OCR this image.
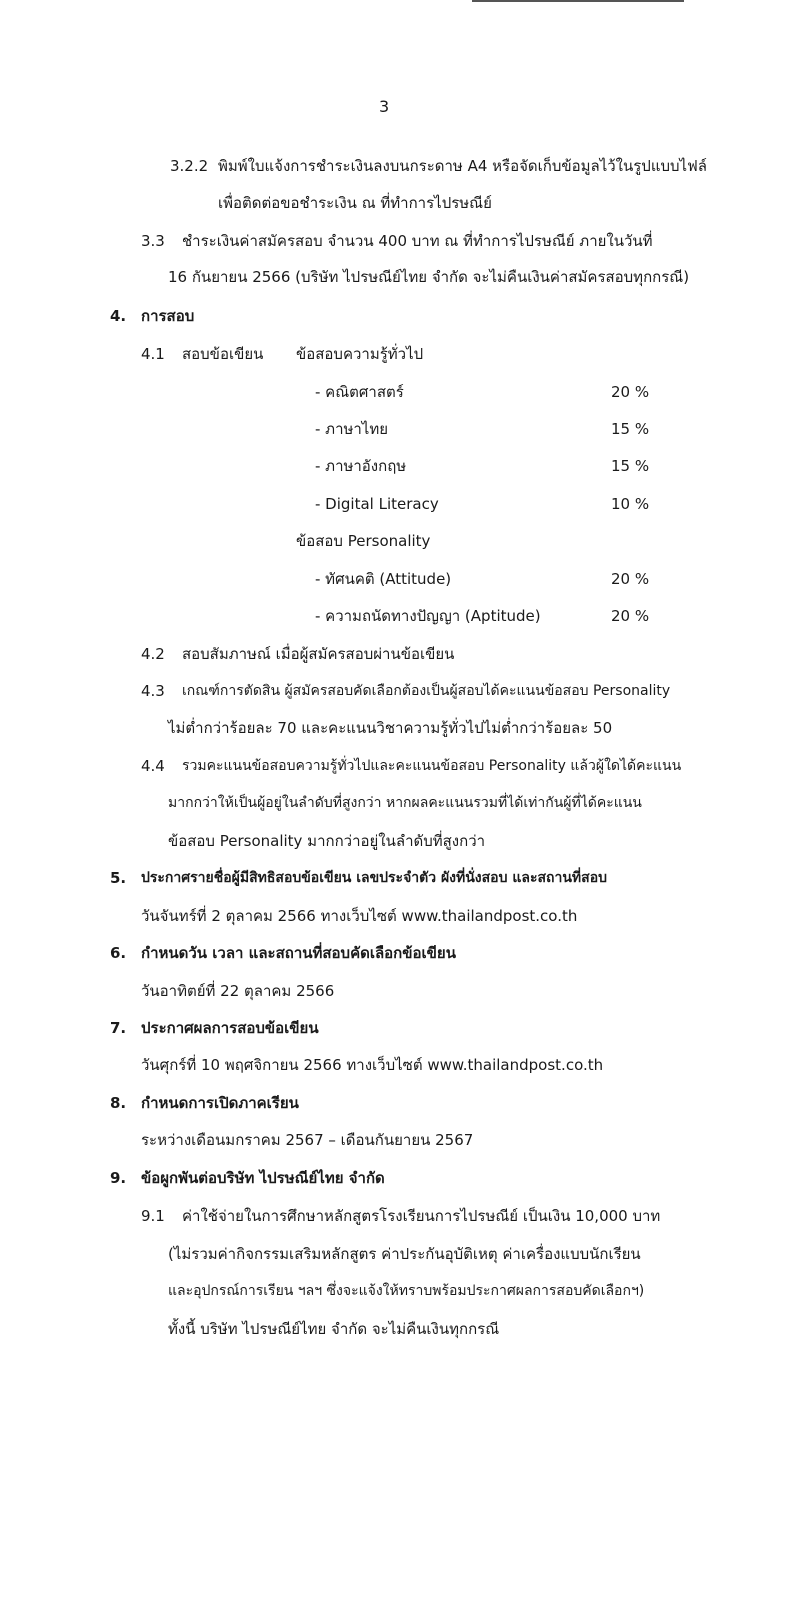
3
3.2.2 พิมพ์ใบแจ้งการชำระเงินลงบนกระดาษ A4 หรือจัดเก็บข้อมูลไว้ในรูปแบบไฟล์
เพื่อติดต่อขอชำระเงิน ณ ที่ทำการไปรษณีย์
3.3 ชำระเงินค่าสมัครสอบ จำนวน 400 บาท ณ ที่ทำการไปรษณีย์ ภายในวันที่
16 กันยายน 2566 (บริษัท ไปรษณีย์ไทย จำกัด จะไม่คืนเงินค่าสมัครสอบทุกกรณี)
4. การสอบ
4.1 สอบข้อเขียน ข้อสอบความรู้ทั่วไป
- คณิตศาสตร์	20 %
- ภาษาไทย	15 %
- ภาษาอังกฤษ	15 %
- Digital Literacy	10 %
ข้อสอบ Personality
- ทัศนคติ (Attitude)	20 %
- ความถนัดทางปัญญา (Aptitude)	20 %
4.2 สอบสัมภาษณ์ เมื่อผู้สมัครสอบผ่านข้อเขียน
4.3 เกณฑ์การตัดสิน ผู้สมัครสอบคัดเลือกต้องเป็นผู้สอบได้คะแนนข้อสอบ Personality
ไม่ต่ำกว่าร้อยละ 70 และคะแนนวิชาความรู้ทั่วไปไม่ต่ำกว่าร้อยละ 50
4.4 รวมคะแนนข้อสอบความรู้ทั่วไปและคะแนนข้อสอบ Personality แล้วผู้ใดได้คะแนน
มากกว่าให้เป็นผู้อยู่ในลำดับที่สูงกว่า หากผลคะแนนรวมที่ได้เท่ากันผู้ที่ได้คะแนน
ข้อสอบ Personality มากกว่าอยู่ในลำดับที่สูงกว่า
5. ประกาศรายชื่อผู้มีสิทธิสอบข้อเขียน เลขประจำตัว ผังที่นั่งสอบ และสถานที่สอบ
วันจันทร์ที่ 2 ตุลาคม 2566 ทางเว็บไซต์ www.thailandpost.co.th
6. กำหนดวัน เวลา และสถานที่สอบคัดเลือกข้อเขียน
วันอาทิตย์ที่ 22 ตุลาคม 2566
7. ประกาศผลการสอบข้อเขียน
วันศุกร์ที่ 10 พฤศจิกายน 2566 ทางเว็บไซต์ www.thailandpost.co.th
8. กำหนดการเปิดภาคเรียน
ระหว่างเดือนมกราคม 2567 – เดือนกันยายน 2567
9. ข้อผูกพันต่อบริษัท ไปรษณีย์ไทย จำกัด
9.1 ค่าใช้จ่ายในการศึกษาหลักสูตรโรงเรียนการไปรษณีย์ เป็นเงิน 10,000 บาท
(ไม่รวมค่ากิจกรรมเสริมหลักสูตร ค่าประกันอุบัติเหตุ ค่าเครื่องแบบนักเรียน
และอุปกรณ์การเรียน ฯลฯ ซึ่งจะแจ้งให้ทราบพร้อมประกาศผลการสอบคัดเลือกฯ)
ทั้งนี้ บริษัท ไปรษณีย์ไทย จำกัด จะไม่คืนเงินทุกกรณี
